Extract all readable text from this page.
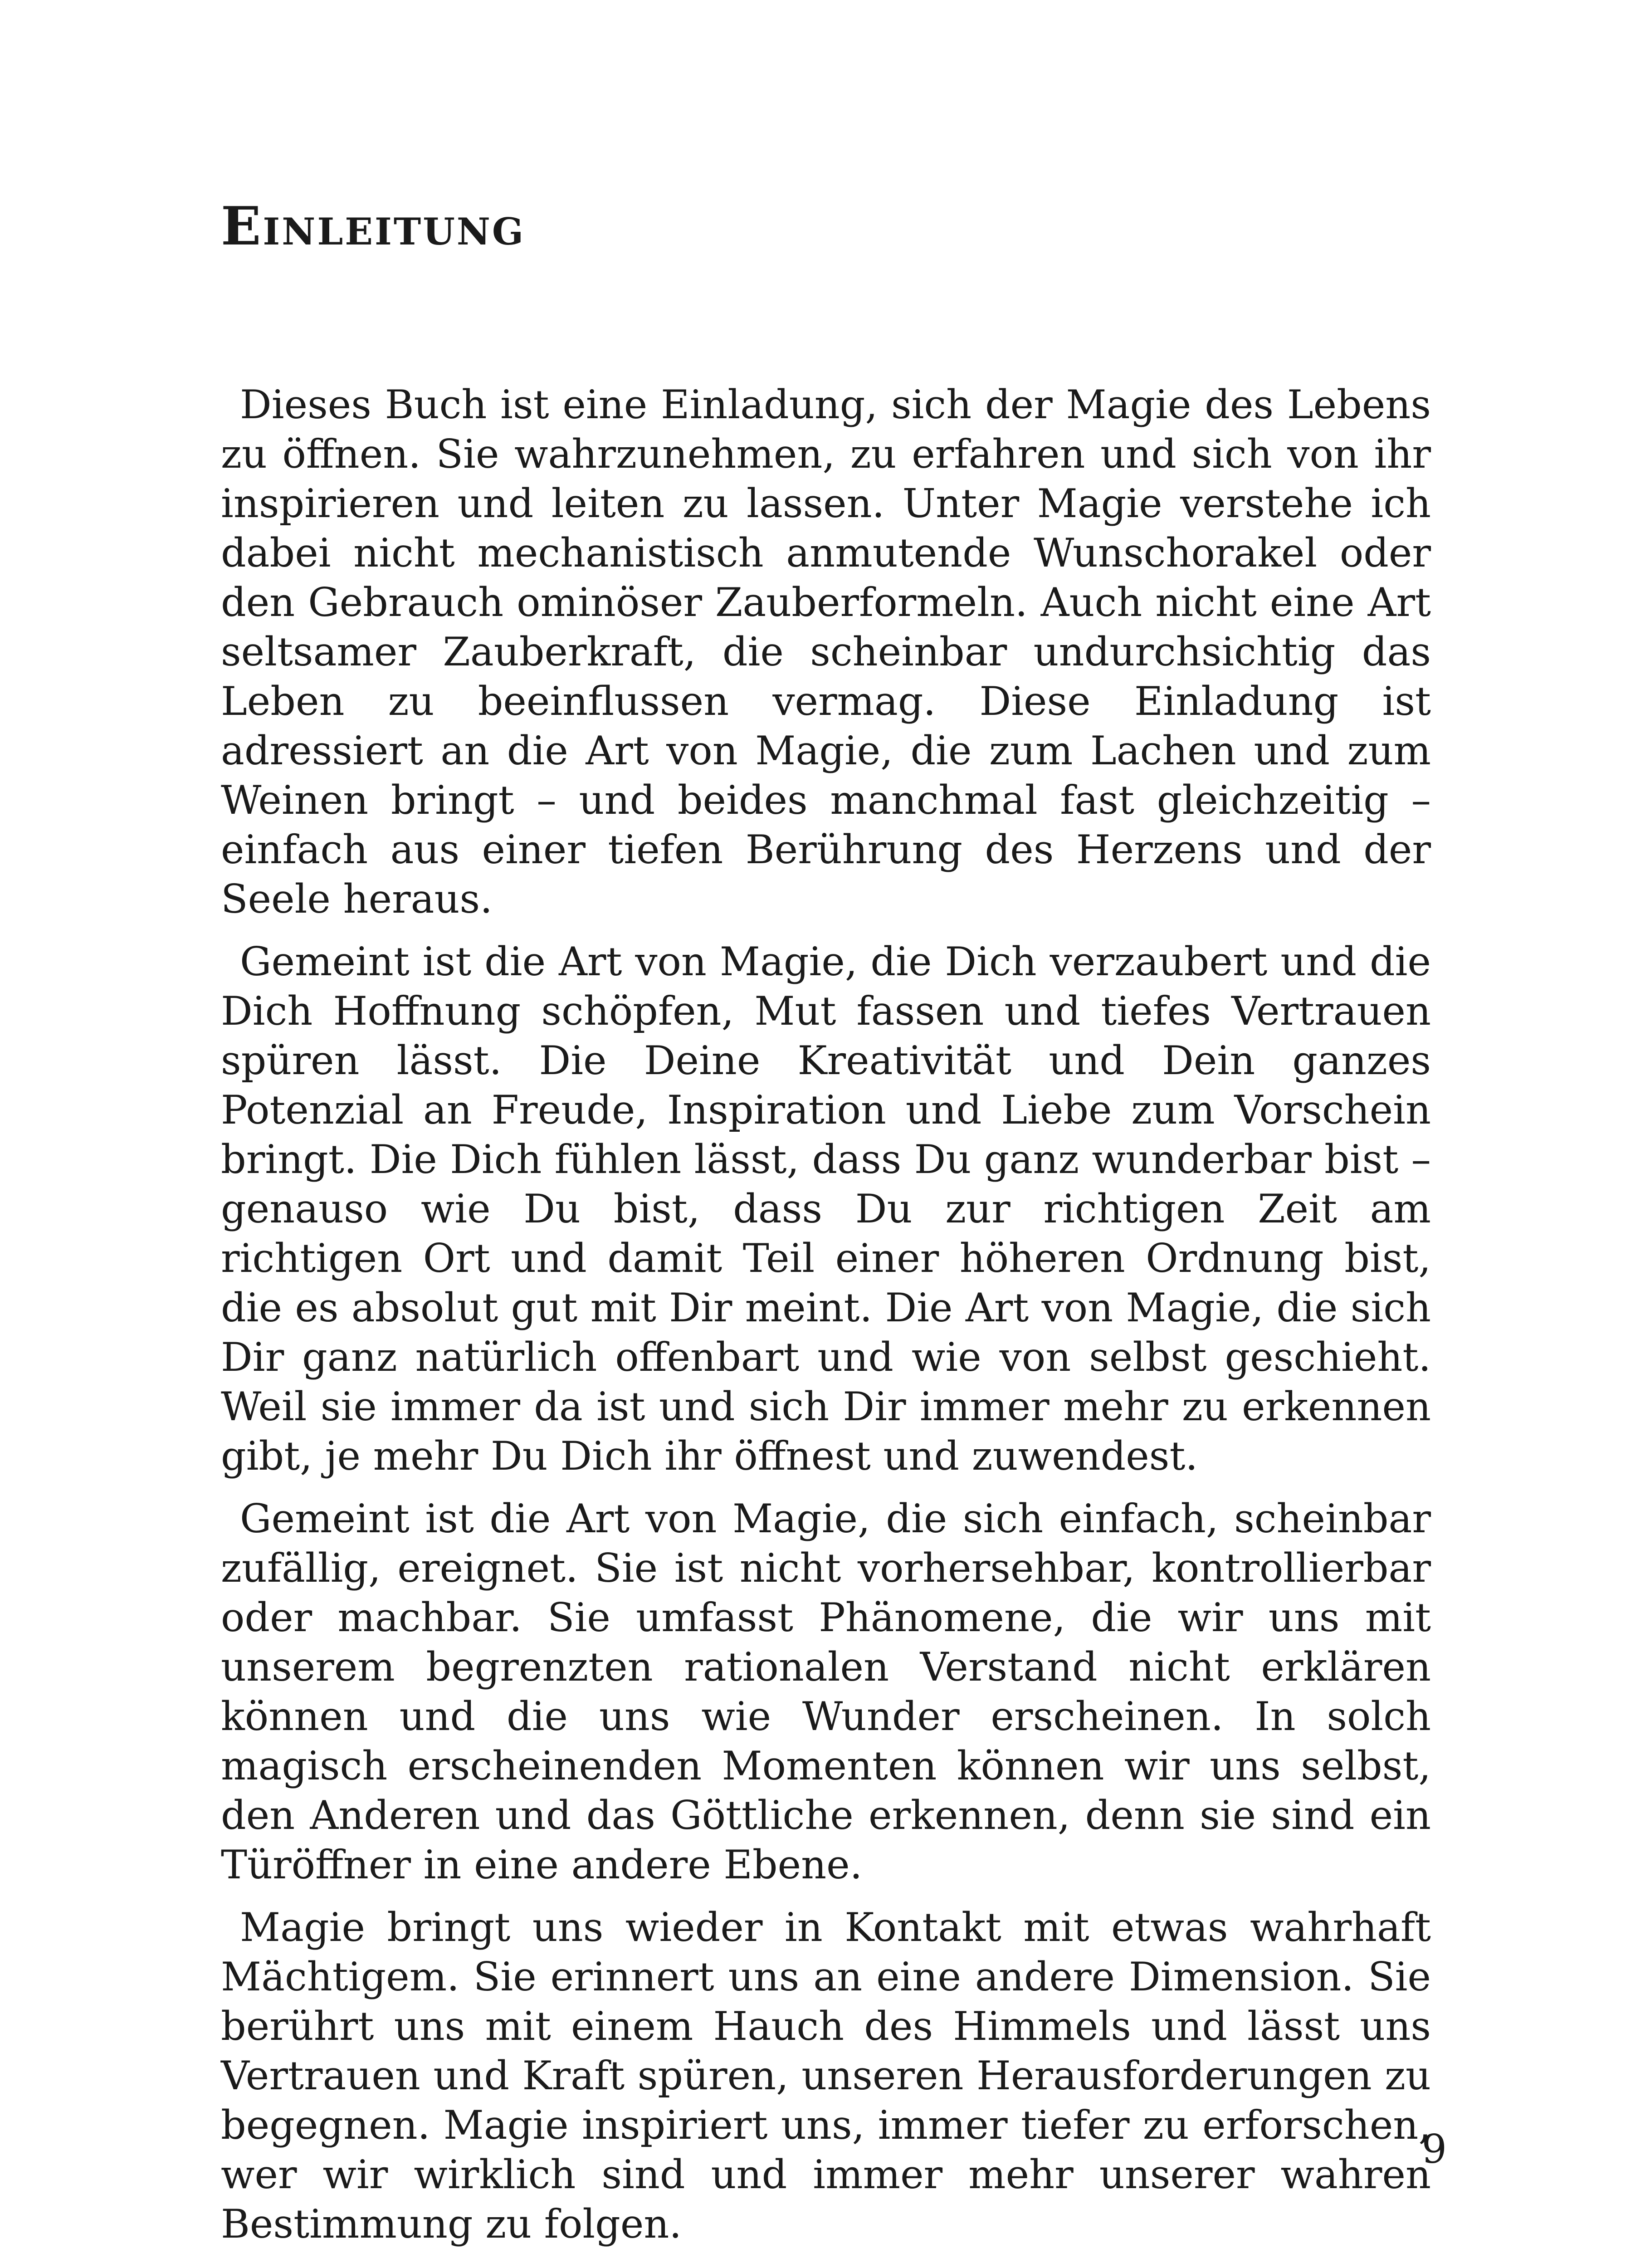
Einleitung

Dieses Buch ist eine Einladung, sich der Magie des Lebens zu öffnen. Sie wahrzunehmen, zu erfahren und sich von ihr inspirieren und leiten zu lassen. Unter Magie verstehe ich dabei nicht mechanistisch anmutende Wunschorakel oder den Gebrauch ominöser Zauberformeln. Auch nicht eine Art seltsamer Zauberkraft, die scheinbar undurchsichtig das Leben zu beeinflussen vermag. Diese Einladung ist adressiert an die Art von Magie, die zum Lachen und zum Weinen bringt – und beides manchmal fast gleichzeitig – einfach aus einer tiefen Berührung des Herzens und der Seele heraus.

Gemeint ist die Art von Magie, die Dich verzaubert und die Dich Hoffnung schöpfen, Mut fassen und tiefes Vertrauen spüren lässt. Die Deine Kreativität und Dein ganzes Potenzial an Freude, Inspiration und Liebe zum Vorschein bringt. Die Dich fühlen lässt, dass Du ganz wunderbar bist – genauso wie Du bist, dass Du zur richtigen Zeit am richtigen Ort und damit Teil einer höheren Ordnung bist, die es absolut gut mit Dir meint. Die Art von Magie, die sich Dir ganz natürlich offenbart und wie von selbst geschieht. Weil sie immer da ist und sich Dir immer mehr zu erkennen gibt, je mehr Du Dich ihr öffnest und zuwendest.

Gemeint ist die Art von Magie, die sich einfach, scheinbar zufällig, ereignet. Sie ist nicht vorhersehbar, kontrollierbar oder machbar. Sie umfasst Phänomene, die wir uns mit unserem begrenzten rationalen Verstand nicht erklären können und die uns wie Wunder erscheinen. In solch magisch erscheinenden Momenten können wir uns selbst, den Anderen und das Göttliche erkennen, denn sie sind ein Türöffner in eine andere Ebene.

Magie bringt uns wieder in Kontakt mit etwas wahrhaft Mächtigem. Sie erinnert uns an eine andere Dimension. Sie berührt uns mit einem Hauch des Himmels und lässt uns Vertrauen und Kraft spüren, unseren Herausforderungen zu begegnen. Magie inspiriert uns, immer tiefer zu erforschen, wer wir wirklich sind und immer mehr unserer wahren Bestimmung zu folgen.

9
